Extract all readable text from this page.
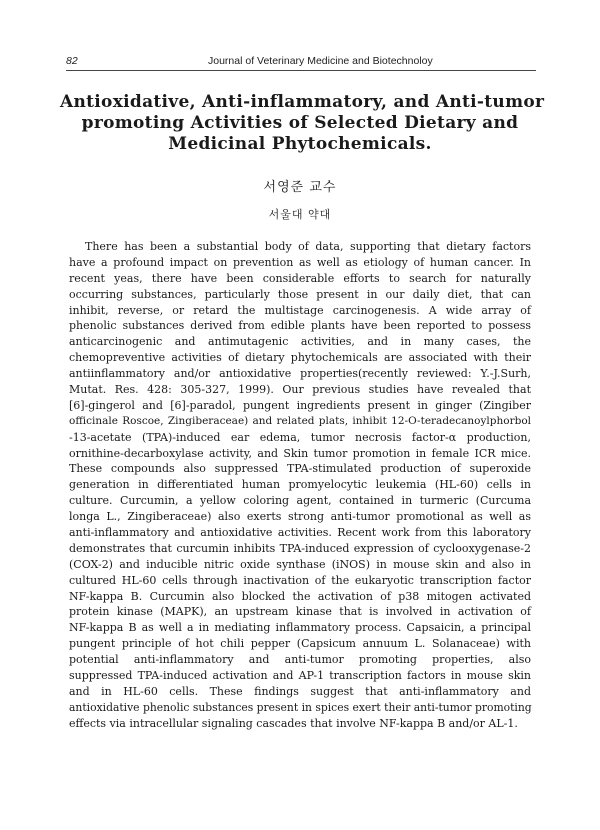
82	Journal of Veterinary Medicine and Biotechnoloy
Antioxidative, Anti-inflammatory, and Anti-tumor
promoting Activities of Selected Dietary and
Medicinal Phytochemicals.
서영준 교수
서울대 약대
There has been a substantial body of data, supporting that dietary factors
have a profound impact on prevention as well as etiology of human cancer. In
recent yeas, there have been considerable efforts to search for naturally
occurring substances, particularly those present in our daily diet, that can
inhibit, reverse, or retard the multistage carcinogenesis. A wide array of
phenolic substances derived from edible plants have been reported to possess
anticarcinogenic and antimutagenic activities, and in many cases, the
chemopreventive activities of dietary phytochemicals are associated with their
antiinflammatory and/or antioxidative properties(recently reviewed: Y.-J.Surh,
Mutat. Res. 428: 305-327, 1999). Our previous studies have revealed that
[6]-gingerol and [6]-paradol, pungent ingredients present in ginger (Zingiber
officinale Roscoe, Zingiberaceae) and related plats, inhibit 12-O-teradecanoylphorbol
-13-acetate (TPA)-induced ear edema, tumor necrosis factor-α production,
ornithine-decarboxylase activity, and Skin tumor promotion in female ICR mice.
These compounds also suppressed TPA-stimulated production of superoxide
generation in differentiated human promyelocytic leukemia (HL-60) cells in
culture. Curcumin, a yellow coloring agent, contained in turmeric (Curcuma
longa L., Zingiberaceae) also exerts strong anti-tumor promotional as well as
anti-inflammatory and antioxidative activities. Recent work from this laboratory
demonstrates that curcumin inhibits TPA-induced expression of cyclooxygenase-2
(COX-2) and inducible nitric oxide synthase (iNOS) in mouse skin and also in
cultured HL-60 cells through inactivation of the eukaryotic transcription factor
NF-kappa B. Curcumin also blocked the activation of p38 mitogen activated
protein kinase (MAPK), an upstream kinase that is involved in activation of
NF-kappa B as well a in mediating inflammatory process. Capsaicin, a principal
pungent principle of hot chili pepper (Capsicum annuum L. Solanaceae) with
potential anti-inflammatory and anti-tumor promoting properties, also
suppressed TPA-induced activation and AP-1 transcription factors in mouse skin
and in HL-60 cells. These findings suggest that anti-inflammatory and
antioxidative phenolic substances present in spices exert their anti-tumor promoting
effects via intracellular signaling cascades that involve NF-kappa B and/or AL-1.
